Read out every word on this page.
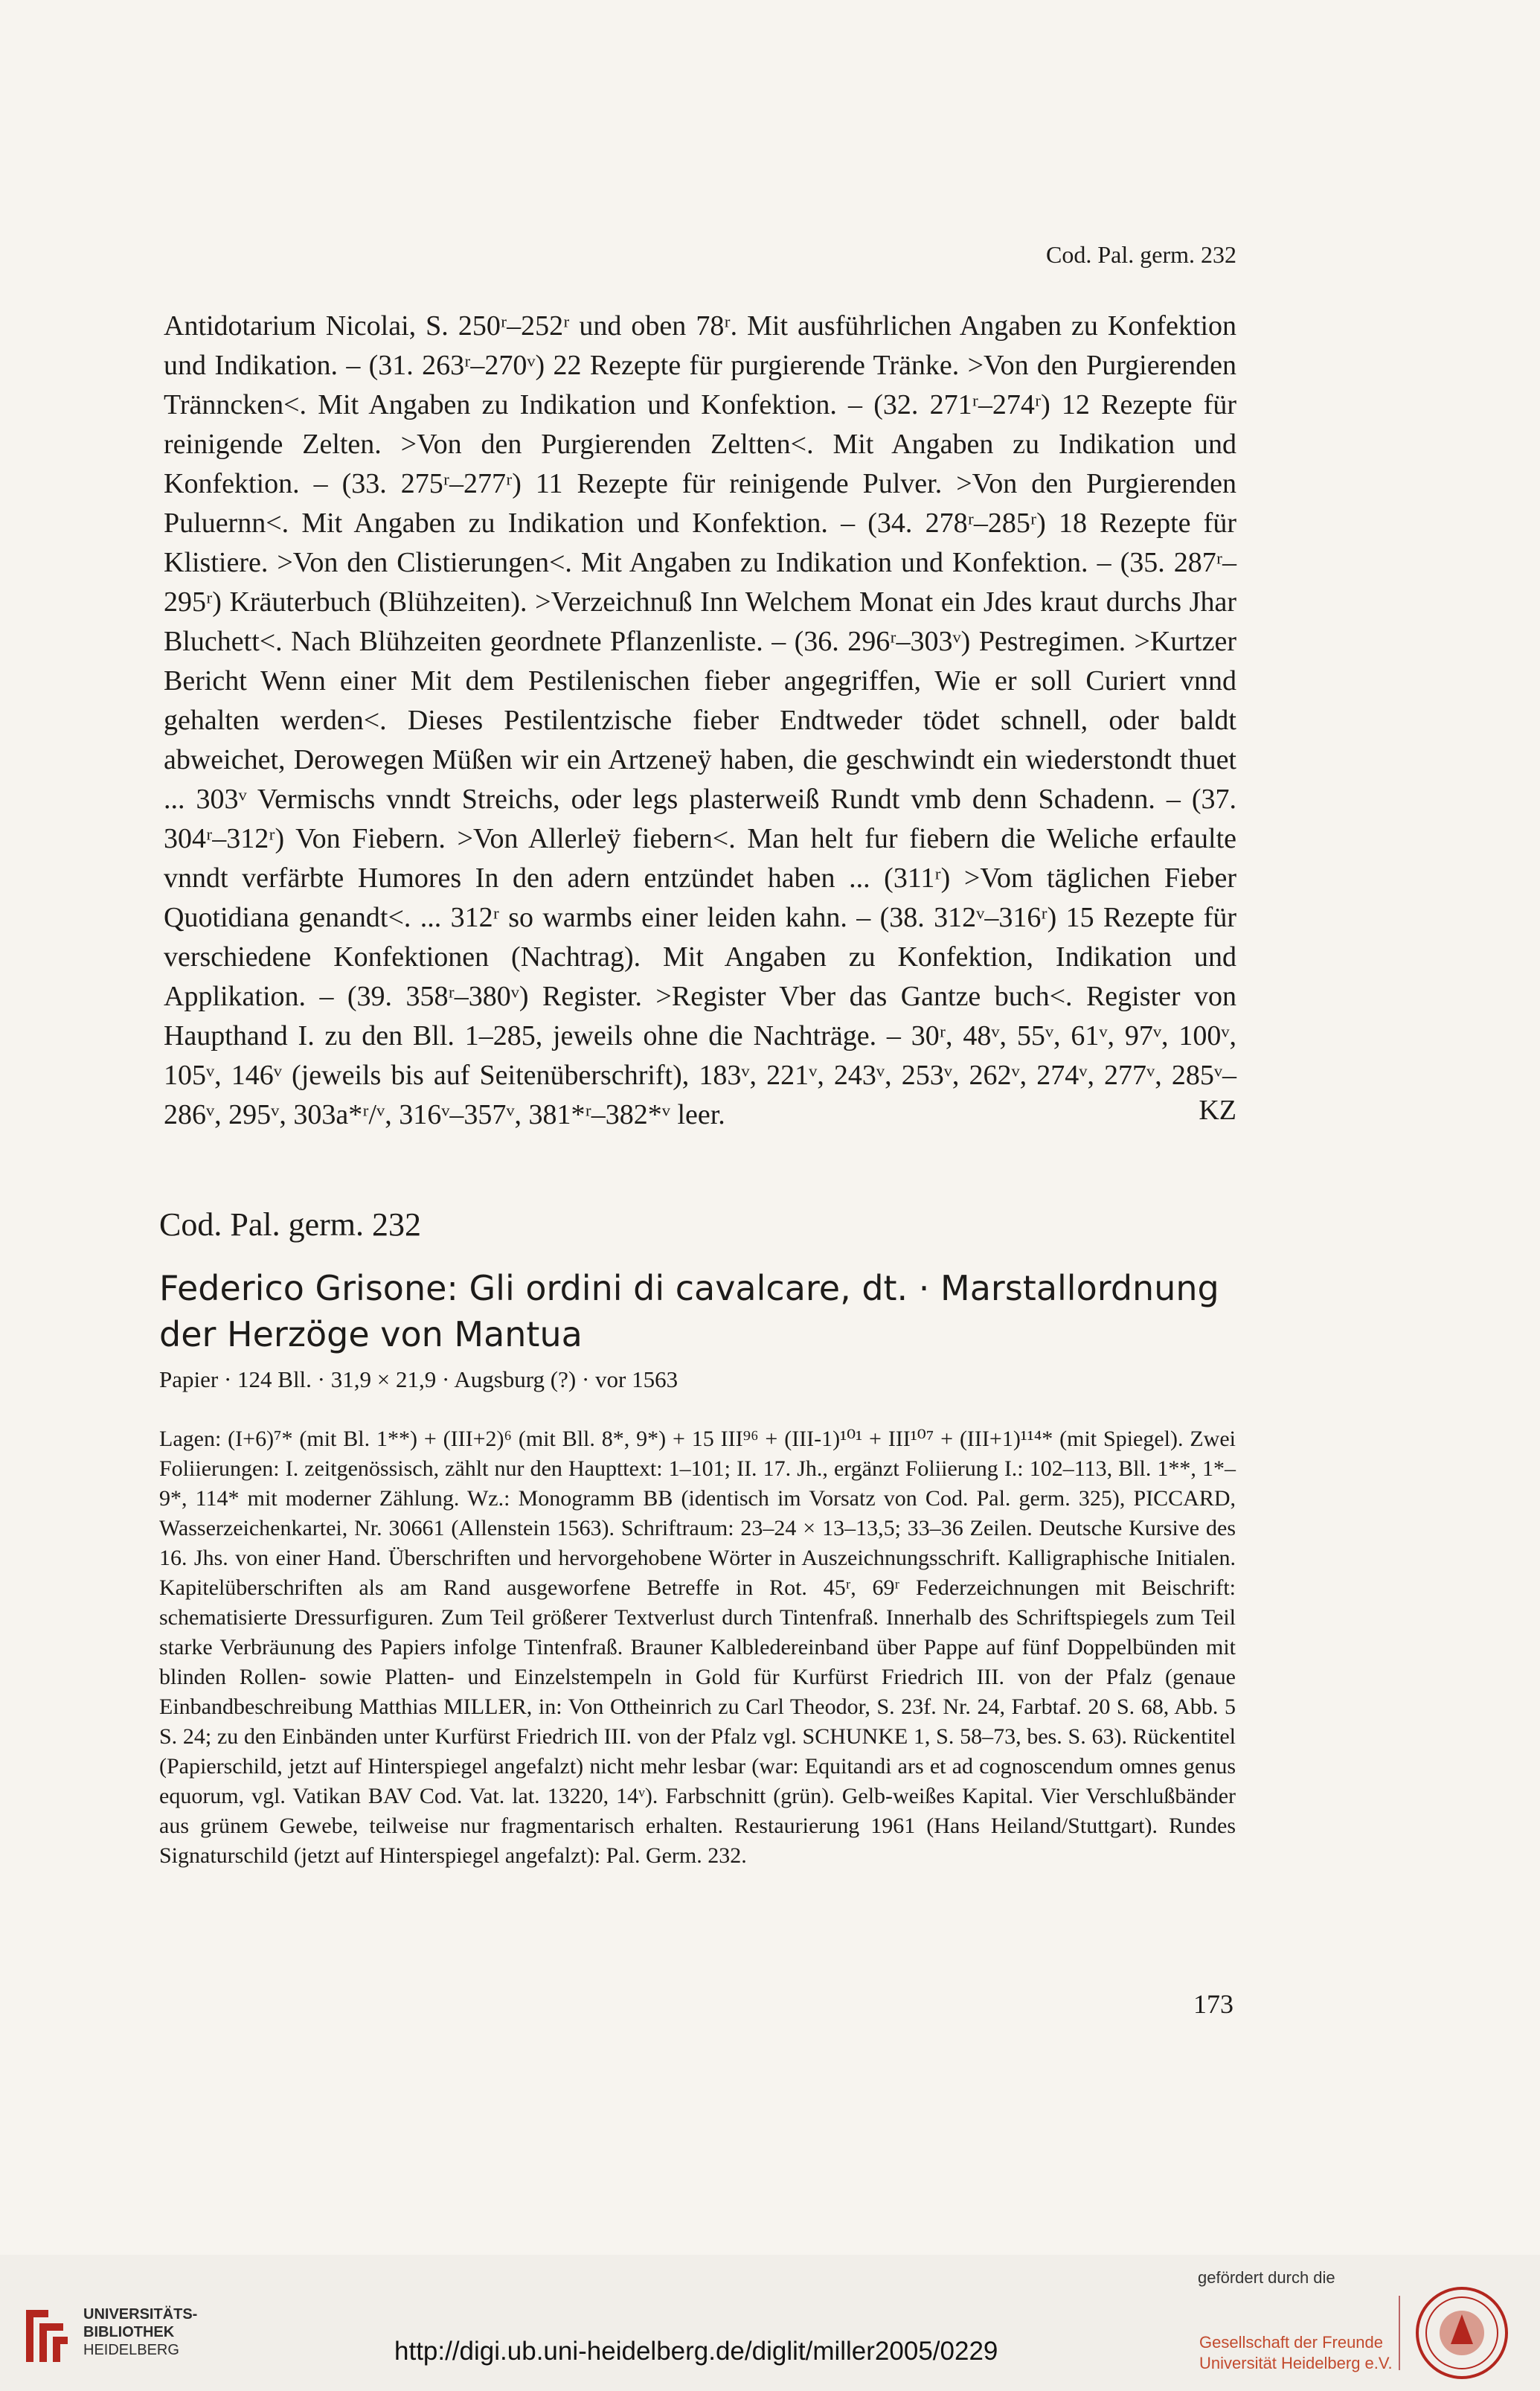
Cod. Pal. germ. 232

Antidotarium Nicolai, S. 250ʳ–252ʳ und oben 78ʳ. Mit ausführlichen Angaben zu Konfektion und Indikation. – (31. 263ʳ–270ᵛ) 22 Rezepte für purgierende Tränke. >Von den Purgierenden Tränncken<. Mit Angaben zu Indikation und Konfektion. – (32. 271ʳ–274ʳ) 12 Rezepte für reinigende Zelten. >Von den Purgierenden Zeltten<. Mit Angaben zu Indikation und Konfektion. – (33. 275ʳ–277ʳ) 11 Rezepte für reinigende Pulver. >Von den Purgierenden Puluernn<. Mit Angaben zu Indikation und Konfektion. – (34. 278ʳ–285ʳ) 18 Rezepte für Klistiere. >Von den Clistierungen<. Mit Angaben zu Indikation und Konfektion. – (35. 287ʳ–295ʳ) Kräuterbuch (Blühzeiten). >Verzeichnuß Inn Welchem Monat ein Jdes kraut durchs Jhar Bluchett<. Nach Blühzeiten geordnete Pflanzenliste. – (36. 296ʳ–303ᵛ) Pestregimen. >Kurtzer Bericht Wenn einer Mit dem Pestilenischen fieber angegriffen, Wie er soll Curiert vnnd gehalten werden<. Dieses Pestilentzische fieber Endtweder tödet schnell, oder baldt abweichet, Derowegen Müßen wir ein Artzeneÿ haben, die geschwindt ein wiederstondt thuet ... 303ᵛ Vermischs vnndt Streichs, oder legs plasterweiß Rundt vmb denn Schadenn. – (37. 304ʳ–312ʳ) Von Fiebern. >Von Allerleÿ fiebern<. Man helt fur fiebern die Weliche erfaulte vnndt verfärbte Humores In den adern entzündet haben ... (311ʳ) >Vom täglichen Fieber Quotidiana genandt<. ... 312ʳ so warmbs einer leiden kahn. – (38. 312ᵛ–316ʳ) 15 Rezepte für verschiedene Konfektionen (Nachtrag). Mit Angaben zu Konfektion, Indikation und Applikation. – (39. 358ʳ–380ᵛ) Register. >Register Vber das Gantze buch<. Register von Haupthand I. zu den Bll. 1–285, jeweils ohne die Nachträge. – 30ʳ, 48ᵛ, 55ᵛ, 61ᵛ, 97ᵛ, 100ᵛ, 105ᵛ, 146ᵛ (jeweils bis auf Seitenüberschrift), 183ᵛ, 221ᵛ, 243ᵛ, 253ᵛ, 262ᵛ, 274ᵛ, 277ᵛ, 285ᵛ–286ᵛ, 295ᵛ, 303a*ʳ/ᵛ, 316ᵛ–357ᵛ, 381*ʳ–382*ᵛ leer.	KZ
Cod. Pal. germ. 232
Federico Grisone: Gli ordini di cavalcare, dt. · Marstallordnung der Herzöge von Mantua
Papier · 124 Bll. · 31,9 × 21,9 · Augsburg (?) · vor 1563

Lagen: (I+6)⁷* (mit Bl. 1**) + (III+2)⁶ (mit Bll. 8*, 9*) + 15 III⁹⁶ + (III-1)¹⁰¹ + III¹⁰⁷ + (III+1)¹¹⁴* (mit Spiegel). Zwei Foliierungen: I. zeitgenössisch, zählt nur den Haupttext: 1–101; II. 17. Jh., ergänzt Foliierung I.: 102–113, Bll. 1**, 1*–9*, 114* mit moderner Zählung. Wz.: Monogramm BB (identisch im Vorsatz von Cod. Pal. germ. 325), PICCARD, Wasserzeichenkartei, Nr. 30661 (Allenstein 1563). Schriftraum: 23–24 × 13–13,5; 33–36 Zeilen. Deutsche Kursive des 16. Jhs. von einer Hand. Überschriften und hervorgehobene Wörter in Auszeichnungsschrift. Kalligraphische Initialen. Kapitelüberschriften als am Rand ausgeworfene Betreffe in Rot. 45ʳ, 69ʳ Federzeichnungen mit Beischrift: schematisierte Dressurfiguren. Zum Teil größerer Textverlust durch Tintenfraß. Innerhalb des Schriftspiegels zum Teil starke Verbräunung des Papiers infolge Tintenfraß. Brauner Kalbledereinband über Pappe auf fünf Doppelbünden mit blinden Rollen- sowie Platten- und Einzelstempeln in Gold für Kurfürst Friedrich III. von der Pfalz (genaue Einbandbeschreibung Matthias MILLER, in: Von Ottheinrich zu Carl Theodor, S. 23f. Nr. 24, Farbtaf. 20 S. 68, Abb. 5 S. 24; zu den Einbänden unter Kurfürst Friedrich III. von der Pfalz vgl. SCHUNKE 1, S. 58–73, bes. S. 63). Rückentitel (Papierschild, jetzt auf Hinterspiegel angefalzt) nicht mehr lesbar (war: Equitandi ars et ad cognoscendum omnes genus equorum, vgl. Vatikan BAV Cod. Vat. lat. 13220, 14ᵛ). Farbschnitt (grün). Gelb-weißes Kapital. Vier Verschlußbänder aus grünem Gewebe, teilweise nur fragmentarisch erhalten. Restaurierung 1961 (Hans Heiland/Stuttgart). Rundes Signaturschild (jetzt auf Hinterspiegel angefalzt): Pal. Germ. 232.

173
UNIVERSITÄTS-
BIBLIOTHEK
HEIDELBERG	http://digi.ub.uni-heidelberg.de/diglit/miller2005/0229
gefördert durch die
Gesellschaft der Freunde
Universität Heidelberg e.V.
